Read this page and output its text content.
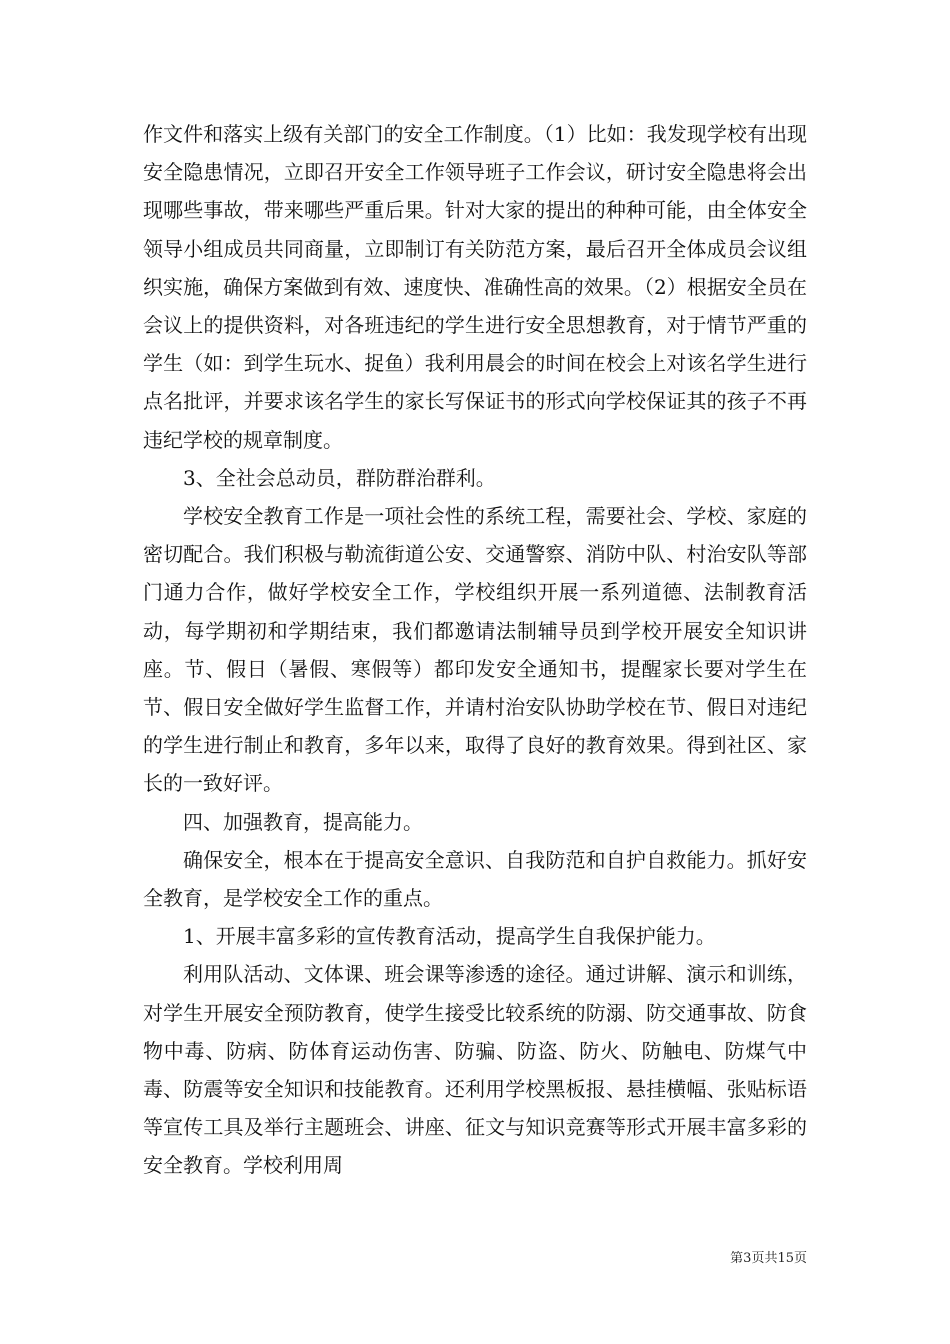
作文件和落实上级有关部门的安全工作制度。（1）比如：我发现学校有出现安全隐患情况，立即召开安全工作领导班子工作会议，研讨安全隐患将会出现哪些事故，带来哪些严重后果。针对大家的提出的种种可能，由全体安全领导小组成员共同商量，立即制订有关防范方案，最后召开全体成员会议组织实施，确保方案做到有效、速度快、准确性高的效果。（2）根据安全员在会议上的提供资料，对各班违纪的学生进行安全思想教育，对于情节严重的学生（如：到学生玩水、捉鱼）我利用晨会的时间在校会上对该名学生进行点名批评，并要求该名学生的家长写保证书的形式向学校保证其的孩子不再违纪学校的规章制度。

3、全社会总动员，群防群治群利。

学校安全教育工作是一项社会性的系统工程，需要社会、学校、家庭的密切配合。我们积极与勒流街道公安、交通警察、消防中队、村治安队等部门通力合作，做好学校安全工作，学校组织开展一系列道德、法制教育活动，每学期初和学期结束，我们都邀请法制辅导员到学校开展安全知识讲座。节、假日（暑假、寒假等）都印发安全通知书，提醒家长要对学生在节、假日安全做好学生监督工作，并请村治安队协助学校在节、假日对违纪的学生进行制止和教育，多年以来，取得了良好的教育效果。得到社区、家长的一致好评。

四、加强教育，提高能力。

确保安全，根本在于提高安全意识、自我防范和自护自救能力。抓好安全教育，是学校安全工作的重点。

1、开展丰富多彩的宣传教育活动，提高学生自我保护能力。

利用队活动、文体课、班会课等渗透的途径。通过讲解、演示和训练，对学生开展安全预防教育，使学生接受比较系统的防溺、防交通事故、防食物中毒、防病、防体育运动伤害、防骗、防盗、防火、防触电、防煤气中毒、防震等安全知识和技能教育。还利用学校黑板报、悬挂横幅、张贴标语等宣传工具及举行主题班会、讲座、征文与知识竞赛等形式开展丰富多彩的安全教育。学校利用周

第3页共15页
